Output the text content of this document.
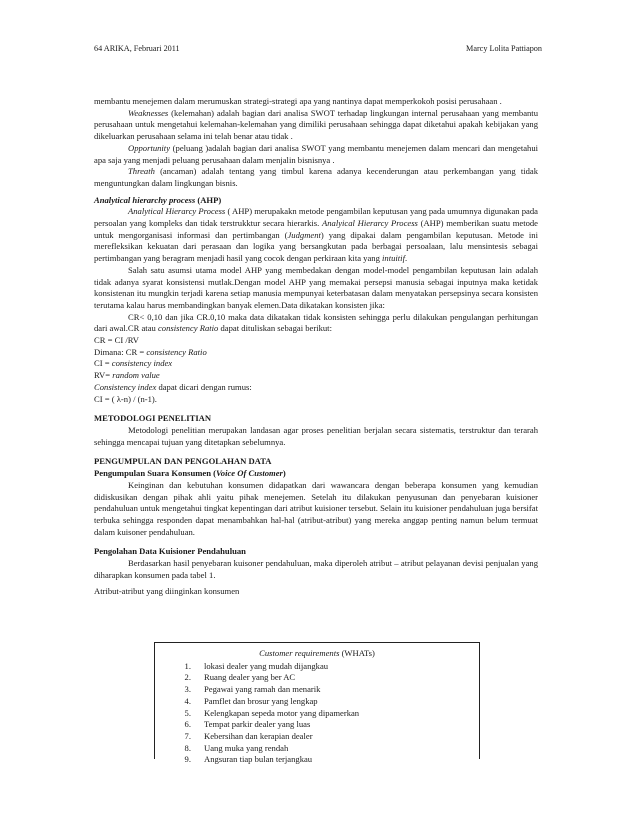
64 ARIKA, Februari 2011	Marcy Lolita Pattiapon

membantu menejemen dalam merumuskan strategi-strategi apa yang nantinya dapat memperkokoh posisi perusahaan .

Weaknesses (kelemahan) adalah bagian dari analisa SWOT terhadap lingkungan internal perusahaan yang membantu perusahaan untuk mengetahui kelemahan-kelemahan yang dimiliki perusahaan sehingga dapat diketahui apakah kebijakan yang dikeluarkan perusahaan selama ini telah benar atau tidak .

Opportunity (peluang )adalah bagian dari analisa SWOT yang membantu menejemen dalam mencari dan mengetahui apa saja yang menjadi peluang perusahaan dalam menjalin bisnisnya .

Threath (ancaman) adalah tentang yang timbul karena adanya kecenderungan atau perkembangan yang tidak menguntungkan dalam lingkungan bisnis.

Analytical hierarchy process (AHP)

Analytical Hierarcy Process ( AHP) merupakakn metode pengambilan keputusan yang pada umumnya digunakan pada persoalan yang kompleks dan tidak terstrukktur secara hierarkis. Analyical Hierarcy Process (AHP) memberikan suatu metode untuk mengorganisasi informasi dan pertimbangan (Judgment) yang dipakai dalam pengambilan keputusan. Metode ini merefleksikan kekuatan dari perasaan dan logika yang bersangkutan pada berbagai persoalaan, lalu mensintesis sebagai pertimbangan yang beragram menjadi hasil yang cocok dengan perkiraan kita yang intuitif.

Salah satu asumsi utama model AHP yang membedakan dengan model-model pengambilan keputusan lain adalah tidak adanya syarat konsistensi mutlak.Dengan model AHP yang memakai persepsi manusia sebagai inputnya maka ketidak konsistenan itu mungkin terjadi karena setiap manusia mempunyai keterbatasan dalam menyatakan persepsinya secara konsisten terutama kalau harus membandingkan banyak elemen.Data dikatakan konsisten jika:

CR< 0,10 dan jika CR.0,10 maka data dikatakan tidak konsisten sehingga perlu dilakukan pengulangan perhitungan dari awal.CR atau consistency Ratio dapat dituliskan sebagai berikut:

CR = CI /RV

Dimana: CR = consistency Ratio

CI = consistency index

RV= random value

Consistency index dapat dicari dengan rumus:

CI = ( λ-n) / (n-1).

METODOLOGI PENELITIAN

Metodologi penelitian merupakan landasan agar proses penelitian berjalan secara sistematis, terstruktur dan terarah sehingga mencapai tujuan yang ditetapkan sebelumnya.

PENGUMPULAN DAN PENGOLAHAN DATA

Pengumpulan Suara Konsumen (Voice Of Customer)

Keinginan dan kebutuhan konsumen didapatkan dari wawancara dengan beberapa konsumen yang kemudian didiskusikan dengan pihak ahli yaitu pihak menejemen. Setelah itu dilakukan penyusunan dan penyebaran kuisioner pendahuluan untuk mengetahui tingkat kepentingan dari atribut kuisioner tersebut. Selain itu kuisioner pendahuluan juga bersifat terbuka sehingga responden dapat menambahkan hal-hal (atribut-atribut) yang mereka anggap penting namun belum termuat dalam kuisoner pendahuluan.

Pengolahan Data Kuisioner Pendahuluan

Berdasarkan hasil penyebaran kuisoner pendahuluan, maka diperoleh atribut – atribut pelayanan devisi penjualan yang diharapkan konsumen pada tabel 1.

Atribut-atribut yang diinginkan konsumen

Customer requirements (WHATs)
1.	lokasi dealer yang mudah dijangkau
2.	Ruang dealer yang ber AC
3.	Pegawai yang ramah dan menarik
4.	Pamflet dan brosur yang lengkap
5.	Kelengkapan sepeda motor yang dipamerkan
6.	Tempat parkir dealer yang luas
7.	Kebersihan dan kerapian dealer
8.	Uang muka yang rendah
9.	Angsuran tiap bulan terjangkau
